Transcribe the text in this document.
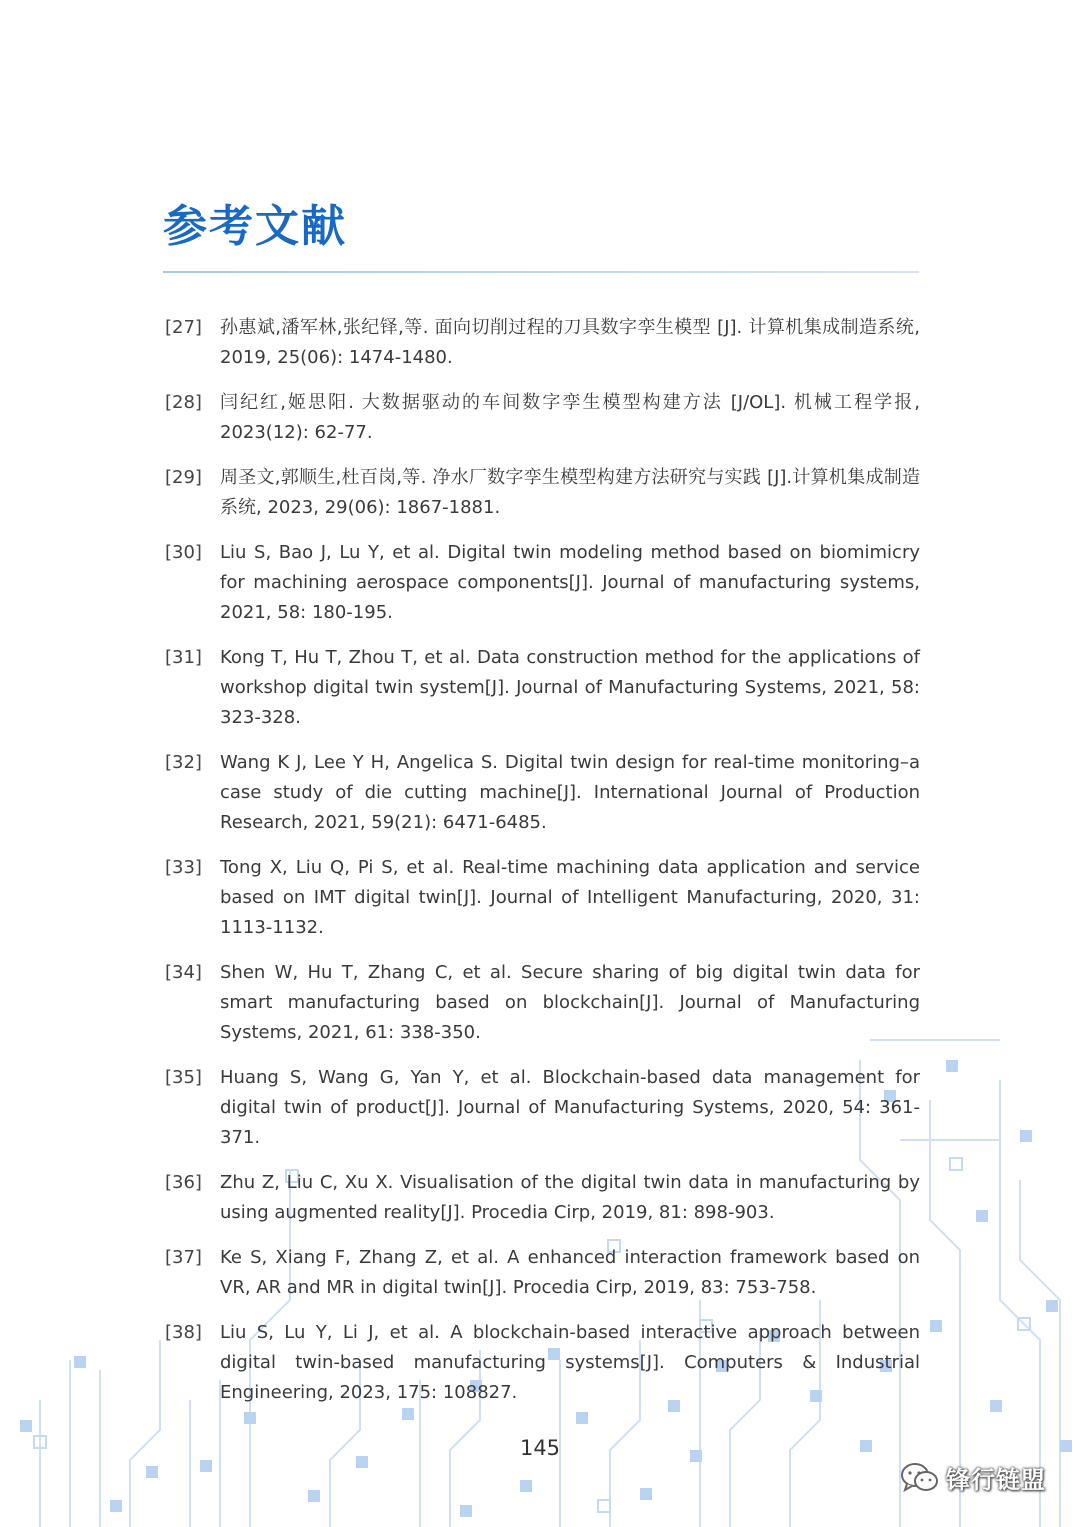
参考文献
[27]	孙惠斌,潘军林,张纪铎,等. 面向切削过程的刀具数字孪生模型 [J]. 计算机集成制造系统, 2019, 25(06): 1474-1480.
[28]	闫纪红,姬思阳. 大数据驱动的车间数字孪生模型构建方法 [J/OL]. 机械工程学报, 2023(12): 62-77.
[29]	周圣文,郭顺生,杜百岗,等. 净水厂数字孪生模型构建方法研究与实践 [J].计算机集成制造系统, 2023, 29(06): 1867-1881.
[30]	Liu S, Bao J, Lu Y, et al. Digital twin modeling method based on biomimicry for machining aerospace components[J]. Journal of manufacturing systems, 2021, 58: 180-195.
[31]	Kong T, Hu T, Zhou T, et al. Data construction method for the applications of workshop digital twin system[J]. Journal of Manufacturing Systems, 2021, 58: 323-328.
[32]	Wang K J, Lee Y H, Angelica S. Digital twin design for real-time monitoring–a case study of die cutting machine[J]. International Journal of Production Research, 2021, 59(21): 6471-6485.
[33]	Tong X, Liu Q, Pi S, et al. Real-time machining data application and service based on IMT digital twin[J]. Journal of Intelligent Manufacturing, 2020, 31: 1113-1132.
[34]	Shen W, Hu T, Zhang C, et al. Secure sharing of big digital twin data for smart manufacturing based on blockchain[J]. Journal of Manufacturing Systems, 2021, 61: 338-350.
[35]	Huang S, Wang G, Yan Y, et al. Blockchain-based data management for digital twin of product[J]. Journal of Manufacturing Systems, 2020, 54: 361-371.
[36]	Zhu Z, Liu C, Xu X. Visualisation of the digital twin data in manufacturing by using augmented reality[J]. Procedia Cirp, 2019, 81: 898-903.
[37]	Ke S, Xiang F, Zhang Z, et al. A enhanced interaction framework based on VR, AR and MR in digital twin[J]. Procedia Cirp, 2019, 83: 753-758.
[38]	Liu S, Lu Y, Li J, et al. A blockchain-based interactive approach between digital twin-based manufacturing systems[J]. Computers & Industrial Engineering, 2023, 175: 108827.
145
锋行链盟
